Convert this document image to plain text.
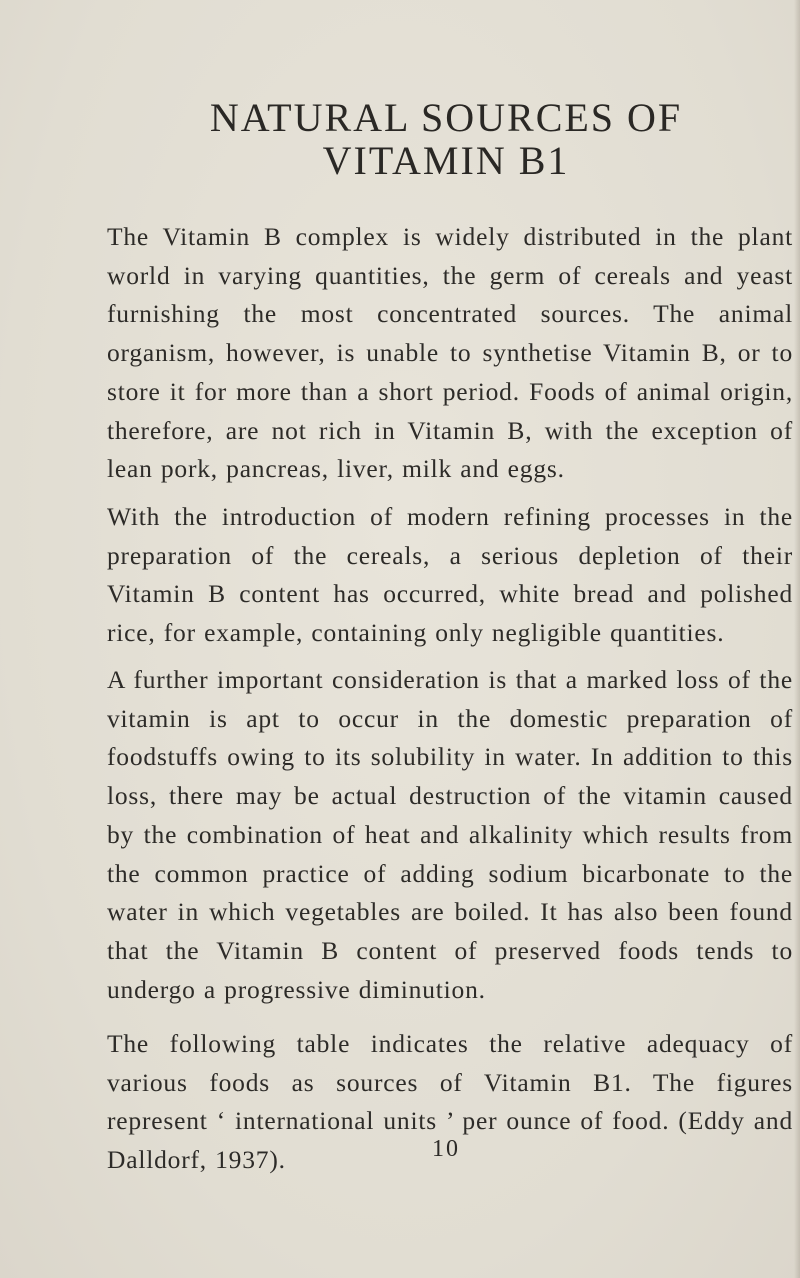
NATURAL SOURCES OF
VITAMIN B1

The Vitamin B complex is widely distributed in the plant world in varying quantities, the germ of cereals and yeast furnishing the most concentrated sources. The animal organism, however, is unable to synthetise Vitamin B, or to store it for more than a short period. Foods of animal origin, therefore, are not rich in Vitamin B, with the exception of lean pork, pancreas, liver, milk and eggs.

With the introduction of modern refining processes in the preparation of the cereals, a serious depletion of their Vitamin B content has occurred, white bread and polished rice, for example, containing only negligible quantities.

A further important consideration is that a marked loss of the vitamin is apt to occur in the domestic preparation of foodstuffs owing to its solubility in water. In addition to this loss, there may be actual destruction of the vitamin caused by the combination of heat and alkalinity which results from the common practice of adding sodium bicarbonate to the water in which vegetables are boiled. It has also been found that the Vitamin B content of preserved foods tends to undergo a progressive diminution.

The following table indicates the relative adequacy of various foods as sources of Vitamin B1. The figures represent ‘ international units ’ per ounce of food. (Eddy and Dalldorf, 1937).	10
